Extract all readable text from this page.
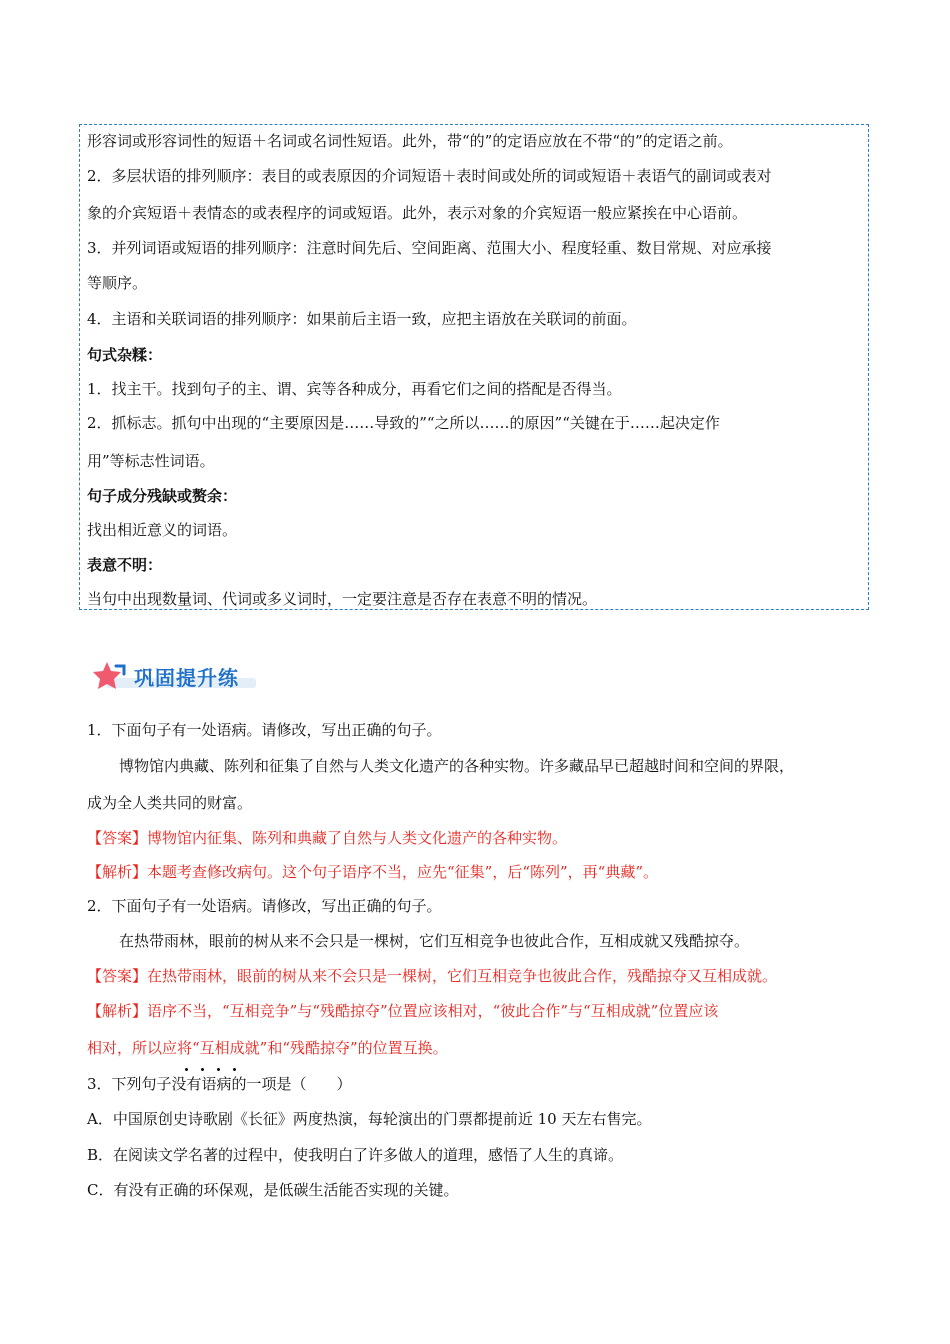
形容词或形容词性的短语＋名词或名词性短语。此外，带“的”的定语应放在不带“的”的定语之前。
2．多层状语的排列顺序：表目的或表原因的介词短语＋表时间或处所的词或短语＋表语气的副词或表对
象的介宾短语＋表情态的或表程序的词或短语。此外，表示对象的介宾短语一般应紧挨在中心语前。
3．并列词语或短语的排列顺序：注意时间先后、空间距离、范围大小、程度轻重、数目常规、对应承接
等顺序。
4．主语和关联词语的排列顺序：如果前后主语一致，应把主语放在关联词的前面。
句式杂糅：
1．找主干。找到句子的主、谓、宾等各种成分，再看它们之间的搭配是否得当。
2．抓标志。抓句中出现的“主要原因是……导致的”“之所以……的原因”“关键在于……起决定作
用”等标志性词语。
句子成分残缺或赘余：
找出相近意义的词语。
表意不明：
当句中出现数量词、代词或多义词时，一定要注意是否存在表意不明的情况。
巩固提升练
1．下面句子有一处语病。请修改，写出正确的句子。
博物馆内典藏、陈列和征集了自然与人类文化遗产的各种实物。许多藏品早已超越时间和空间的界限，
成为全人类共同的财富。
【答案】博物馆内征集、陈列和典藏了自然与人类文化遗产的各种实物。
【解析】本题考查修改病句。这个句子语序不当，应先“征集”，后“陈列”，再“典藏”。
2．下面句子有一处语病。请修改，写出正确的句子。
在热带雨林，眼前的树从来不会只是一棵树，它们互相竞争也彼此合作，互相成就又残酷掠夺。
【答案】在热带雨林，眼前的树从来不会只是一棵树，它们互相竞争也彼此合作，残酷掠夺又互相成就。
【解析】语序不当，“互相竞争”与“残酷掠夺”位置应该相对，“彼此合作”与“互相成就”位置应该
相对，所以应将“互相成就”和“残酷掠夺”的位置互换。
3．下列句子没有语病的一项是（　　）
A．中国原创史诗歌剧《长征》两度热演，每轮演出的门票都提前近 10 天左右售完。
B．在阅读文学名著的过程中，使我明白了许多做人的道理，感悟了人生的真谛。
C．有没有正确的环保观，是低碳生活能否实现的关键。
